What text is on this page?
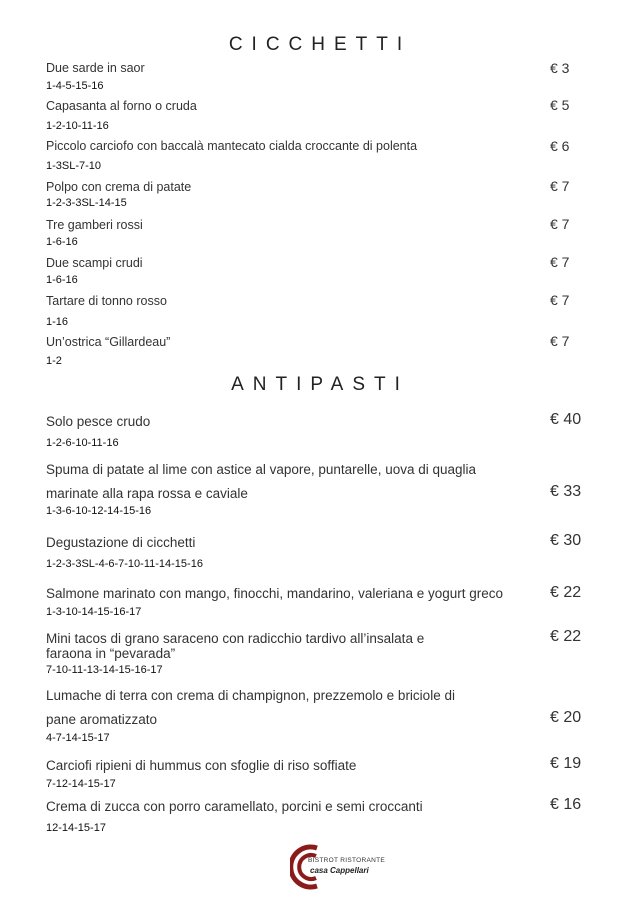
CICCHETTI
Due sarde in saor
1-4-5-15-16
€ 3
Capasanta al forno o cruda
1-2-10-11-16
€ 5
Piccolo carciofo con baccalà mantecato cialda croccante di polenta
1-3SL-7-10
€ 6
Polpo con crema di patate
1-2-3-3SL-14-15
€ 7
Tre gamberi rossi
1-6-16
€ 7
Due scampi crudi
1-6-16
€ 7
Tartare di tonno rosso
1-16
€ 7
Un’ostrica “Gillardeau”
1-2
€ 7
ANTIPASTI
Solo pesce crudo
1-2-6-10-11-16
€ 40
Spuma di patate al lime con astice al vapore, puntarelle, uova di quaglia
marinate alla rapa rossa e caviale
1-3-6-10-12-14-15-16
€ 33
Degustazione di cicchetti
1-2-3-3SL-4-6-7-10-11-14-15-16
€ 30
Salmone marinato con mango, finocchi, mandarino, valeriana e yogurt greco
1-3-10-14-15-16-17
€ 22
Mini tacos di grano saraceno con radicchio tardivo all’insalata e
faraona in “pevarada”
7-10-11-13-14-15-16-17
€ 22
Lumache di terra con crema di champignon, prezzemolo e briciole di
pane aromatizzato
4-7-14-15-17
€ 20
Carciofi ripieni di hummus con sfoglie di riso soffiate
7-12-14-15-17
€ 19
Crema di zucca con porro caramellato, porcini e semi croccanti
12-14-15-17
€ 16
BISTROT RISTORANTE
casa Cappellari
